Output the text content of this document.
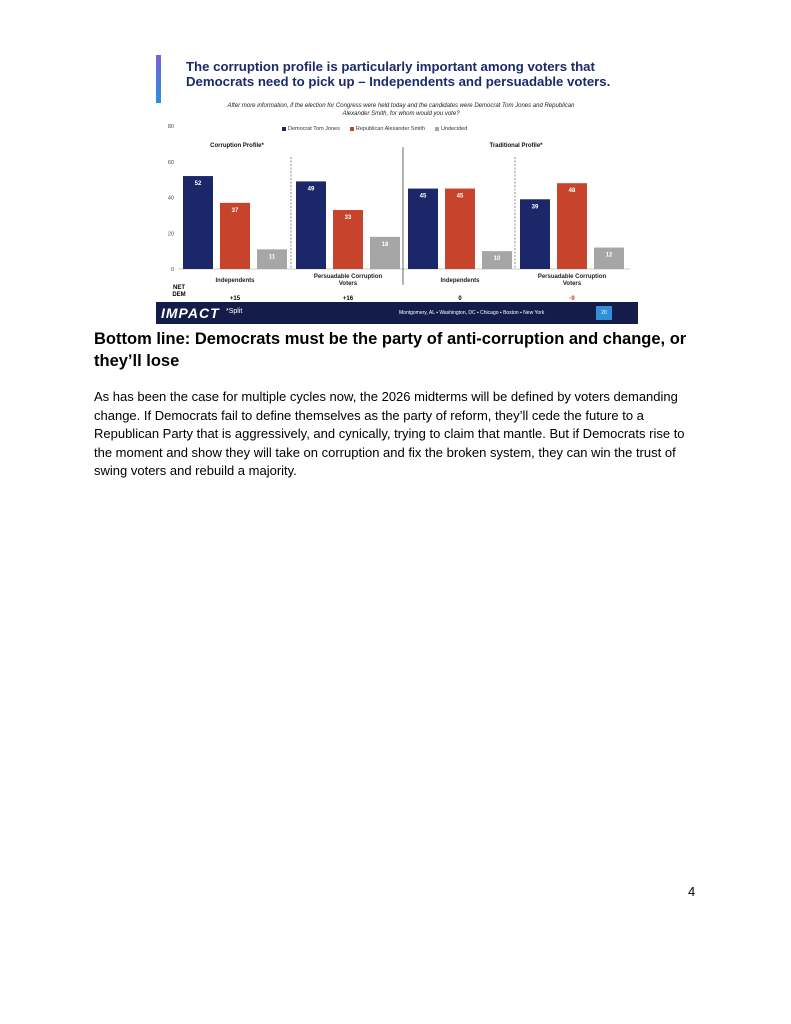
The corruption profile is particularly important among voters that Democrats need to pick up – Independents and persuadable voters.
After more information, if the election for Congress were held today and the candidates were Democrat Tom Jones and Republican Alexander Smith, for whom would you vote?
Democrat Tom Jones	Republican Alexander Smith	Undecided
0
20
40
60
80
Corruption Profile*	Traditional Profile*
52
49
45
39
37
33
45
48
11
18
10
12
Independents
Persuadable Corruption Voters	Independents
Persuadable Corruption Voters
NET DEM
+15	+16	0	-9
IMPACT *Split	Montgomery, AL ▪ Washington, DC ▪ Chicago ▪ Boston ▪ New York	20
Bottom line: Democrats must be the party of anti-corruption and change, or they’ll lose
As has been the case for multiple cycles now, the 2026 midterms will be defined by voters demanding change. If Democrats fail to define themselves as the party of reform, they’ll cede the future to a Republican Party that is aggressively, and cynically, trying to claim that mantle. But if Democrats rise to the moment and show they will take on corruption and fix the broken system, they can win the trust of swing voters and rebuild a majority.
4
